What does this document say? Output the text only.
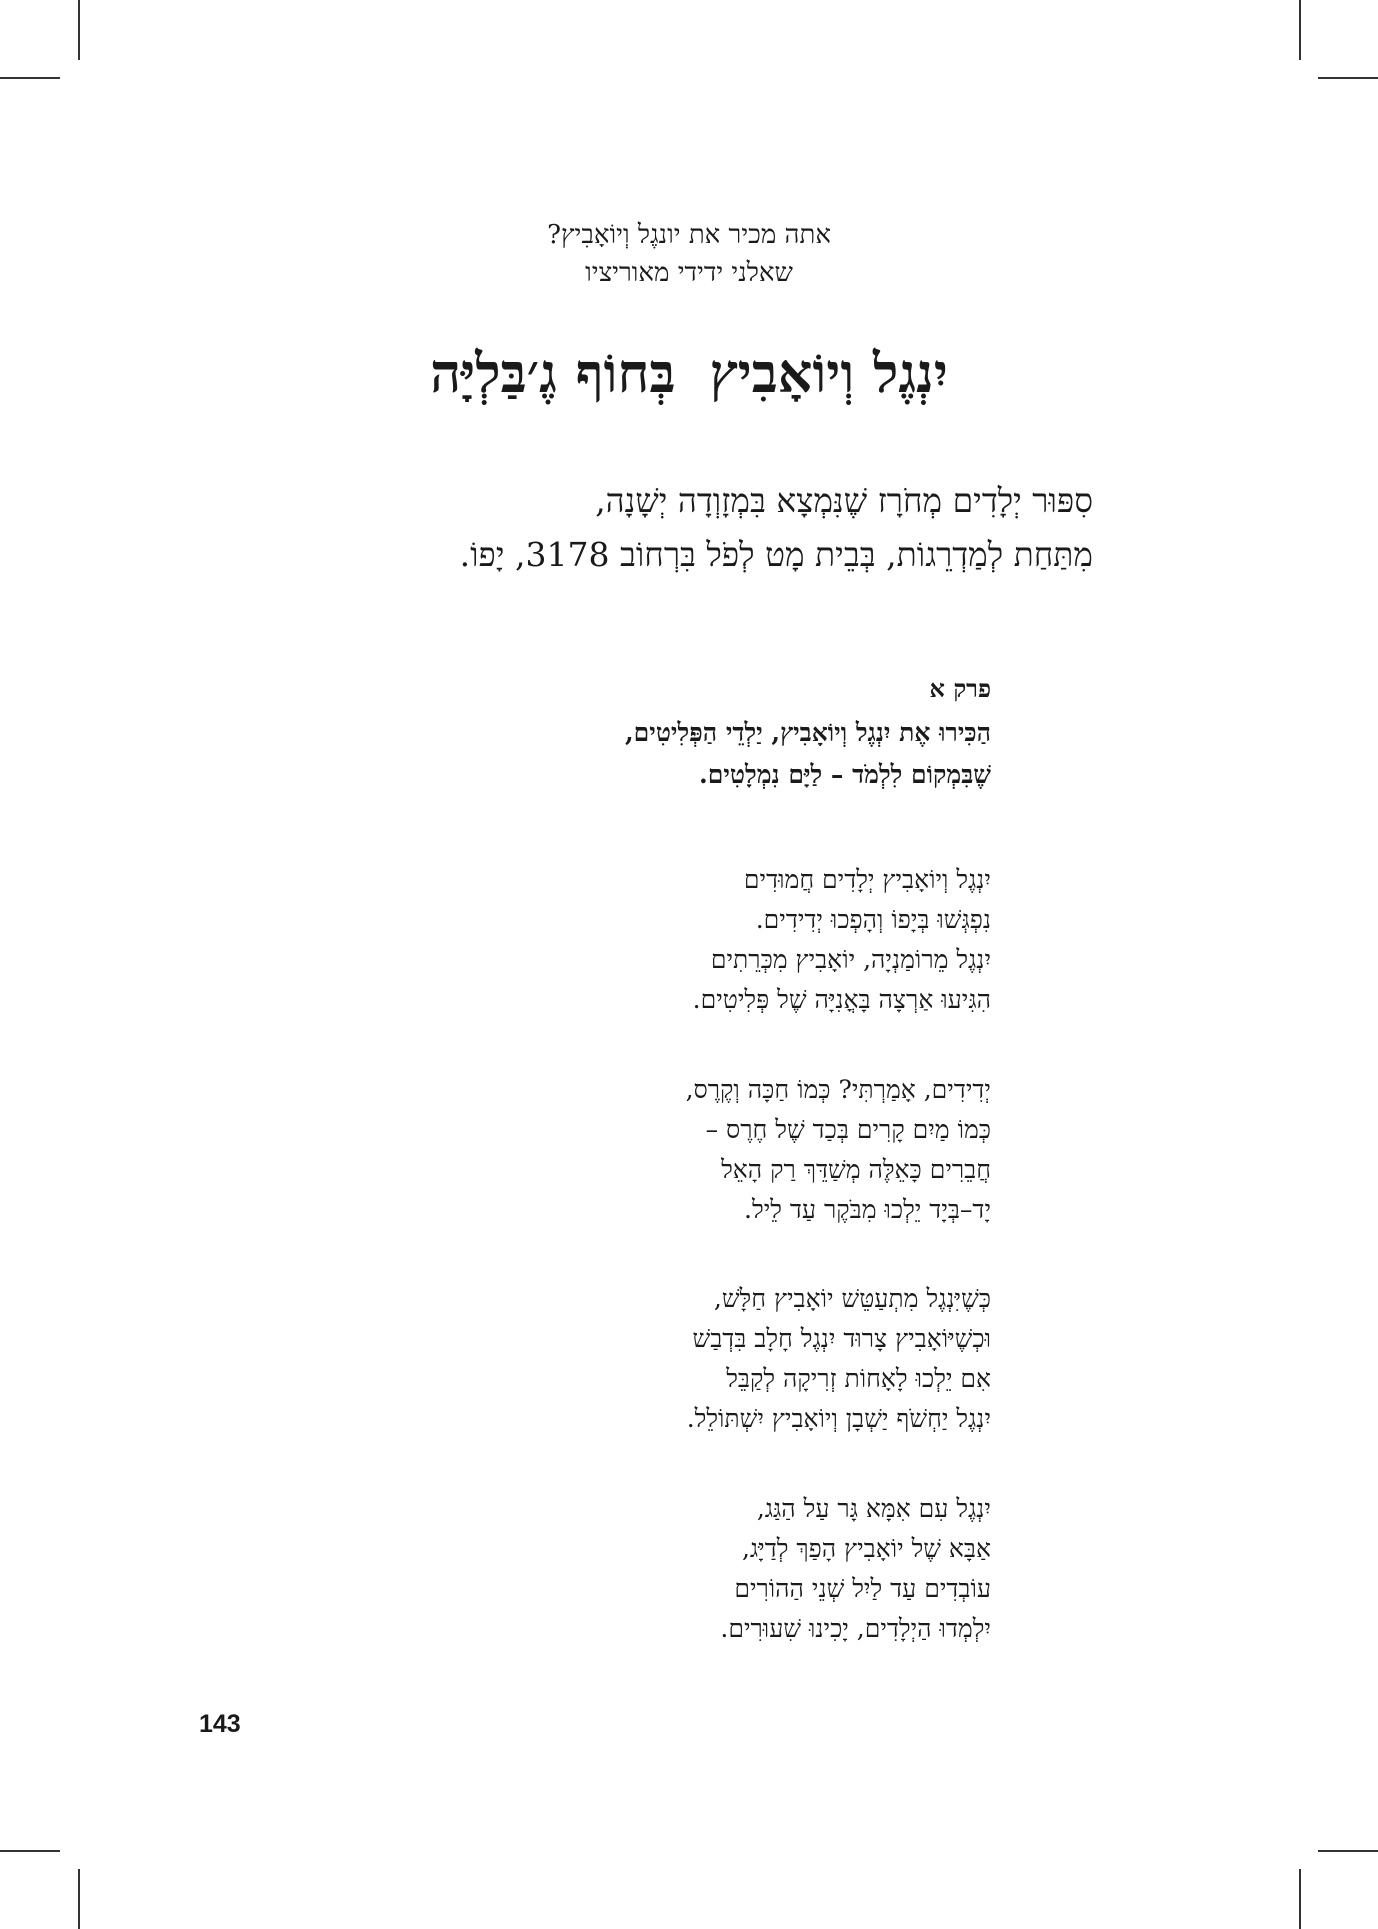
אתה מכיר את יונגֶל וְיוֹאָבִיץ?
שאלני ידידי מאוריציו
יִנְגֶל וְיוֹאָבִיץבְּחוֹף גֶ׳בַּלְיָּה
סִפּוּר יְלָדִים מְחֹרָז שֶׁנִּמְצָא בִּמְזָוְדָה יְשָׁנָה,
מִתַּחַת לְמַדְרֵגוֹת, בְּבֵית מָט לְפֹל בִּרְחוֹב 3178, יָפוֹ.
פרק א
הַכִּירוּ אֶת יִנְגֶל וְיוֹאָבִיץ, יַלְדֵי הַפְּלִיטִים,
שֶׁבִּמְקוֹם לִלְמֹד – לַיָּם נִמְלָטִים.
יִנְגֶל וְיוֹאָבִיץ יְלָדִים חֲמוּדִים
נִפְגְּשׁוּ בְּיָפוֹ וְהָפְכוּ יְדִידִים.
יִנְגֶל מֵרוֹמַנְיָה, יוֹאָבִיץ מִכְּרֵתִים
הִגִּיעוּ אַרְצָה בָּאֳנִיָּה שֶׁל פְּלִיטִים.
יְדִידִים, אָמַרְתִּי? כְּמוֹ חַכָּה וְקֶרֶס,
כְּמוֹ מַיִם קָרִים בְּכַד שֶׁל חֶרֶס –
חֲבֵרִים כָּאֵלֶּה מְשַׁדֵּךְ רַק הָאֵל
יָד–בְּיָד יֵלְכוּ מִבֹּקֶר עַד לֵיל.
כְּשֶׁיִּנְגֶל מִתְעַטֵּשׁ יוֹאָבִיץ חַלָּשׁ,
וּכְשֶׁיּוֹאָבִיץ צָרוּד יִנְגֶל חָלָב בִּדְבַשׁ
אִם יֵלְכוּ לָאָחוֹת זְרִיקָה לְקַבֵּל
יִנְגֶל יַחְשֹׁף יַשְׁבָן וְיוֹאָבִיץ יִשְׁתּוֹלֵל.
יִנְגֶל עִם אִמָּא גָּר עַל הַגַּג,
אַבָּא שֶׁל יוֹאָבִיץ הָפַךְ לְדַיָּג,
עוֹבְדִים עַד לַיִל שְׁנֵי הַהוֹרִים
יִלְמְדוּ הַיְלָדִים, יָכִינוּ שִׁעוּרִים.
143
